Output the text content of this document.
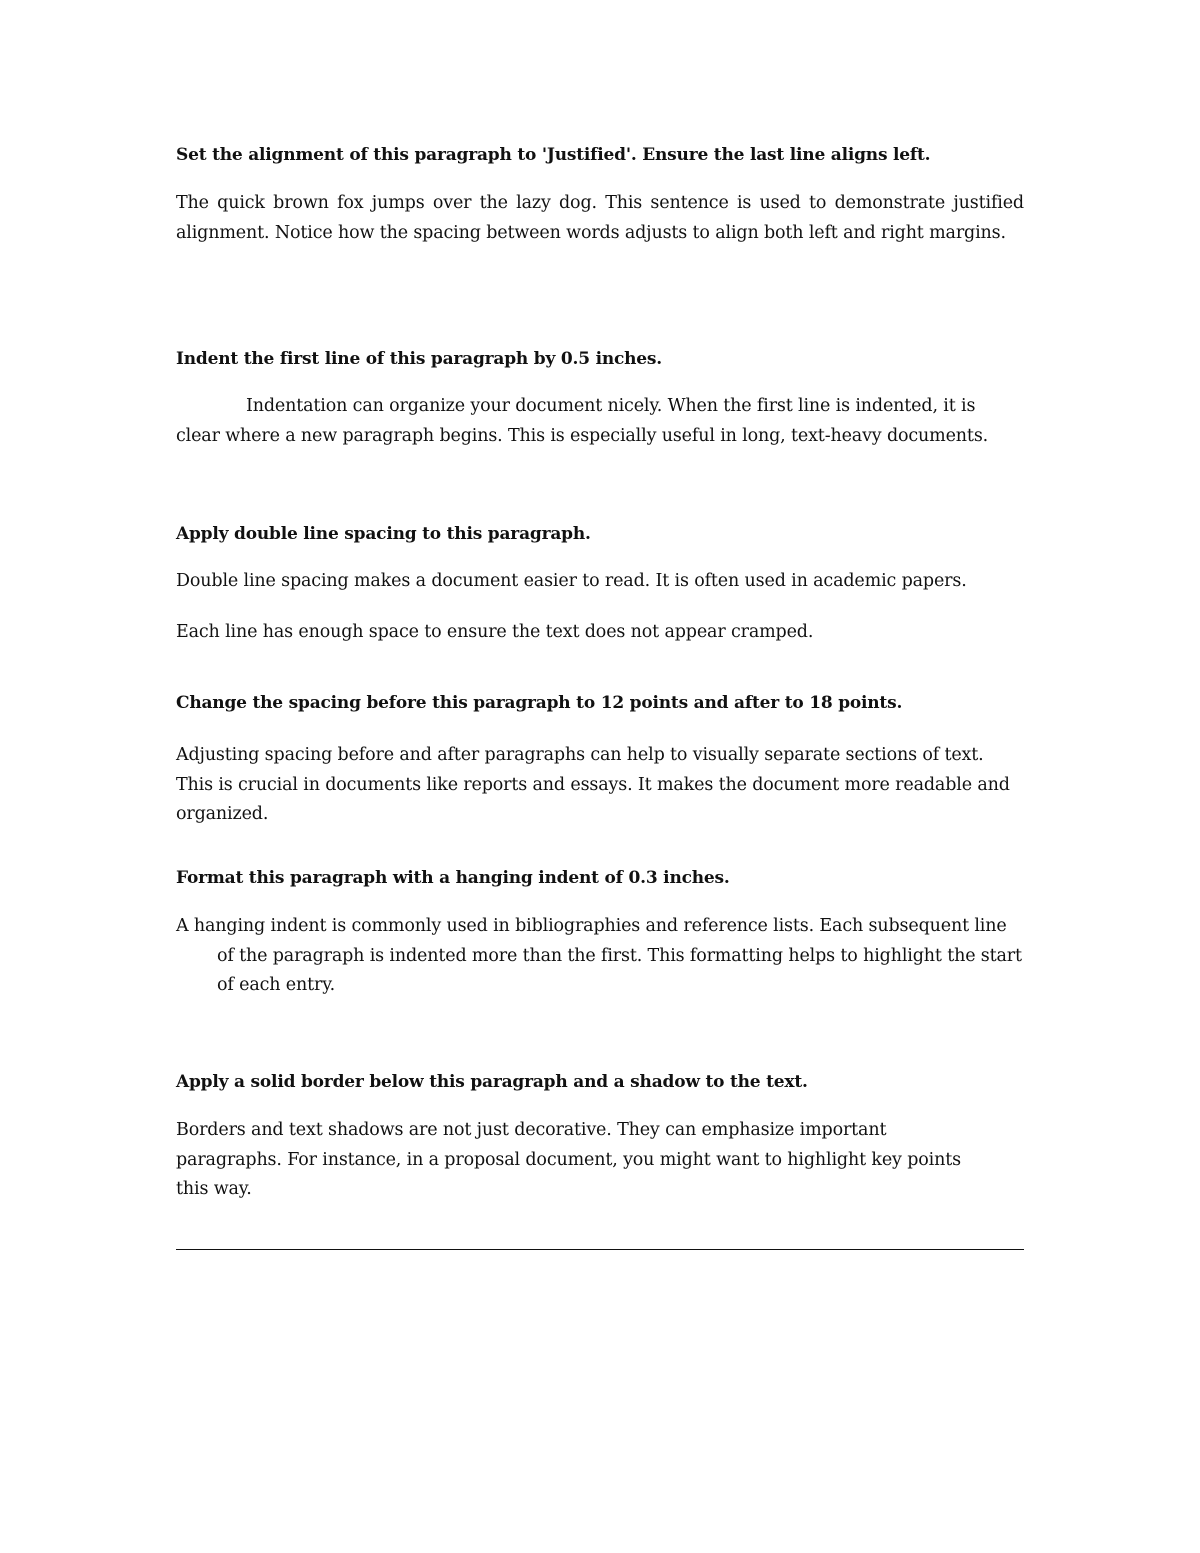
Set the alignment of this paragraph to 'Justified'. Ensure the last line aligns left.
The quick brown fox jumps over the lazy dog. This sentence is used to demonstrate justified alignment. Notice how the spacing between words adjusts to align both left and right margins.
Indent the first line of this paragraph by 0.5 inches.
Indentation can organize your document nicely. When the first line is indented, it is clear where a new paragraph begins. This is especially useful in long, text-heavy documents.
Apply double line spacing to this paragraph.
Double line spacing makes a document easier to read. It is often used in academic papers.
Each line has enough space to ensure the text does not appear cramped.
Change the spacing before this paragraph to 12 points and after to 18 points.
Adjusting spacing before and after paragraphs can help to visually separate sections of text. This is crucial in documents like reports and essays. It makes the document more readable and organized.
Format this paragraph with a hanging indent of 0.3 inches.
A hanging indent is commonly used in bibliographies and reference lists. Each subsequent line of the paragraph is indented more than the first. This formatting helps to highlight the start of each entry.
Apply a solid border below this paragraph and a shadow to the text.
Borders and text shadows are not just decorative. They can emphasize important paragraphs. For instance, in a proposal document, you might want to highlight key points this way.
